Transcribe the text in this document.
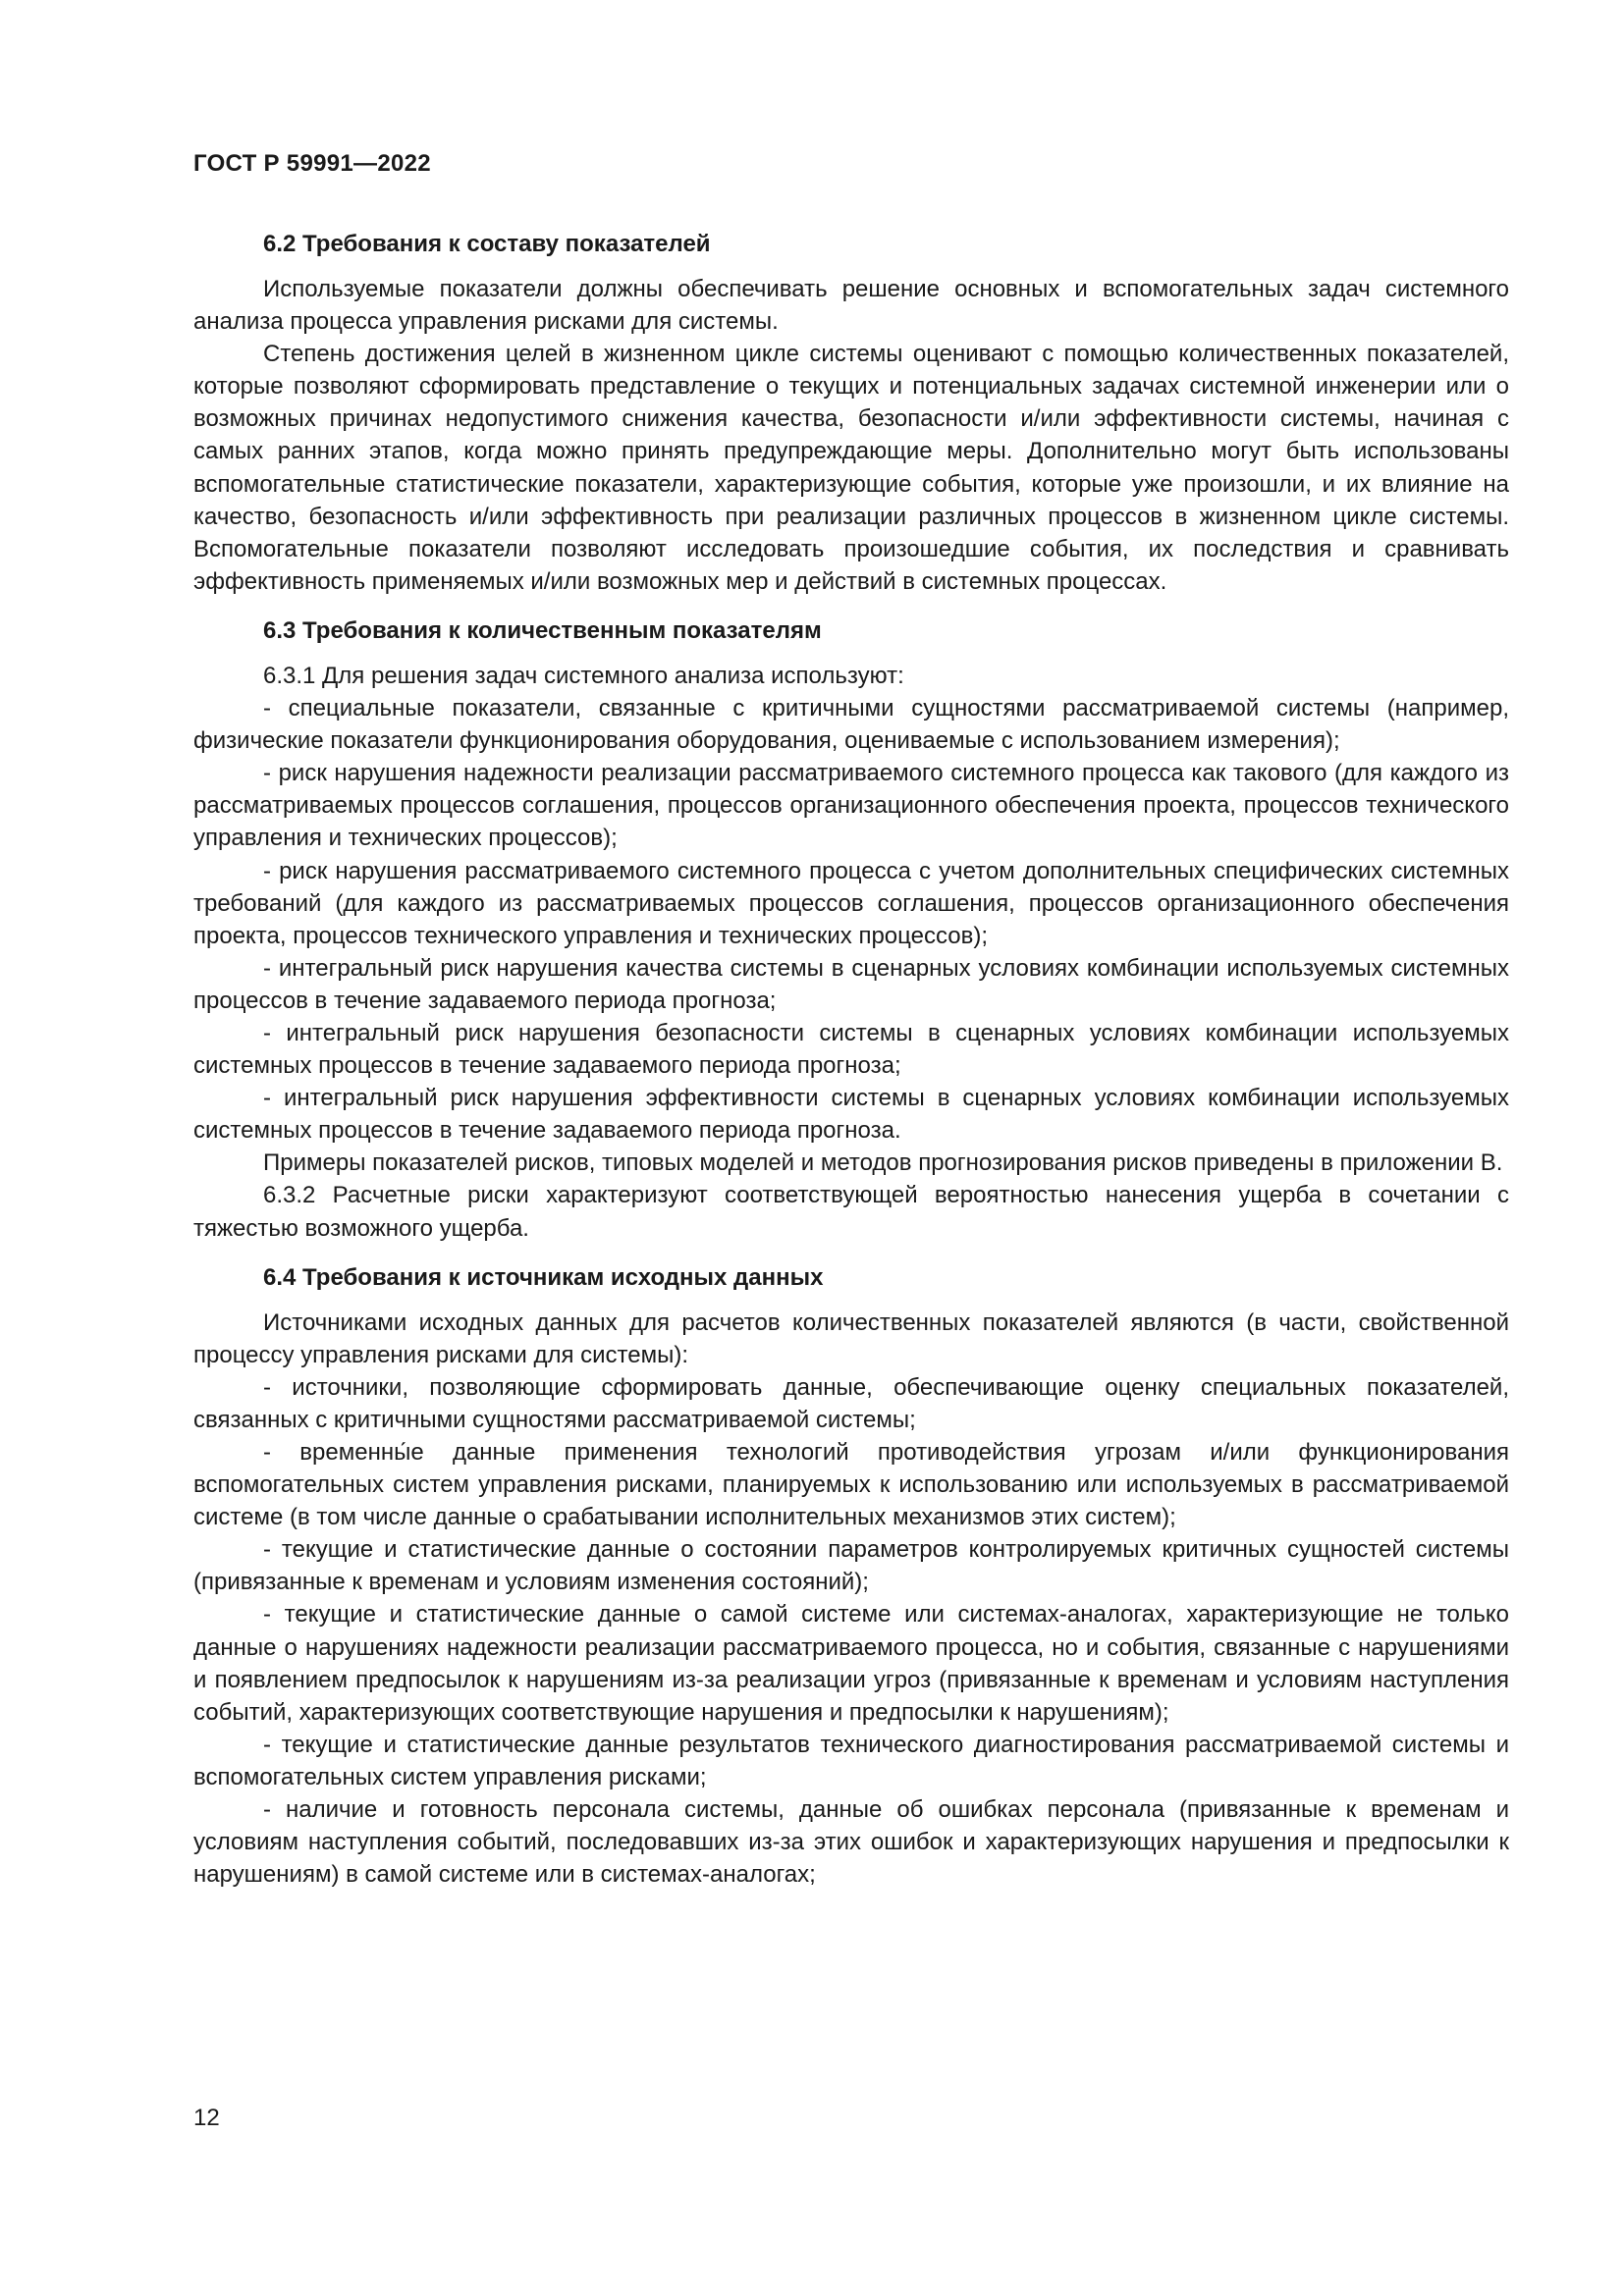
ГОСТ Р 59991—2022
6.2 Требования к составу показателей

Используемые показатели должны обеспечивать решение основных и вспомогательных задач системного анализа процесса управления рисками для системы.

Степень достижения целей в жизненном цикле системы оценивают с помощью количественных показателей, которые позволяют сформировать представление о текущих и потенциальных задачах системной инженерии или о возможных причинах недопустимого снижения качества, безопасности и/или эффективности системы, начиная с самых ранних этапов, когда можно принять предупреждающие меры. Дополнительно могут быть использованы вспомогательные статистические показатели, характеризующие события, которые уже произошли, и их влияние на качество, безопасность и/или эффективность при реализации различных процессов в жизненном цикле системы. Вспомогательные показатели позволяют исследовать произошедшие события, их последствия и сравнивать эффективность применяемых и/или возможных мер и действий в системных процессах.

6.3 Требования к количественным показателям

6.3.1 Для решения задач системного анализа используют:

- специальные показатели, связанные с критичными сущностями рассматриваемой системы (например, физические показатели функционирования оборудования, оцениваемые с использованием измерения);

- риск нарушения надежности реализации рассматриваемого системного процесса как такового (для каждого из рассматриваемых процессов соглашения, процессов организационного обеспечения проекта, процессов технического управления и технических процессов);

- риск нарушения рассматриваемого системного процесса с учетом дополнительных специфических системных требований (для каждого из рассматриваемых процессов соглашения, процессов организационного обеспечения проекта, процессов технического управления и технических процессов);

- интегральный риск нарушения качества системы в сценарных условиях комбинации используемых системных процессов в течение задаваемого периода прогноза;

- интегральный риск нарушения безопасности системы в сценарных условиях комбинации используемых системных процессов в течение задаваемого периода прогноза;

- интегральный риск нарушения эффективности системы в сценарных условиях комбинации используемых системных процессов в течение задаваемого периода прогноза.

Примеры показателей рисков, типовых моделей и методов прогнозирования рисков приведены в приложении В.

6.3.2 Расчетные риски характеризуют соответствующей вероятностью нанесения ущерба в сочетании с тяжестью возможного ущерба.

6.4 Требования к источникам исходных данных

Источниками исходных данных для расчетов количественных показателей являются (в части, свойственной процессу управления рисками для системы):

- источники, позволяющие сформировать данные, обеспечивающие оценку специальных показателей, связанных с критичными сущностями рассматриваемой системы;

- временны́е данные применения технологий противодействия угрозам и/или функционирования вспомогательных систем управления рисками, планируемых к использованию или используемых в рассматриваемой системе (в том числе данные о срабатывании исполнительных механизмов этих систем);

- текущие и статистические данные о состоянии параметров контролируемых критичных сущностей системы (привязанные к временам и условиям изменения состояний);

- текущие и статистические данные о самой системе или системах-аналогах, характеризующие не только данные о нарушениях надежности реализации рассматриваемого процесса, но и события, связанные с нарушениями и появлением предпосылок к нарушениям из-за реализации угроз (привязанные к временам и условиям наступления событий, характеризующих соответствующие нарушения и предпосылки к нарушениям);

- текущие и статистические данные результатов технического диагностирования рассматриваемой системы и вспомогательных систем управления рисками;

- наличие и готовность персонала системы, данные об ошибках персонала (привязанные к временам и условиям наступления событий, последовавших из-за этих ошибок и характеризующих нарушения и предпосылки к нарушениям) в самой системе или в системах-аналогах;

12
